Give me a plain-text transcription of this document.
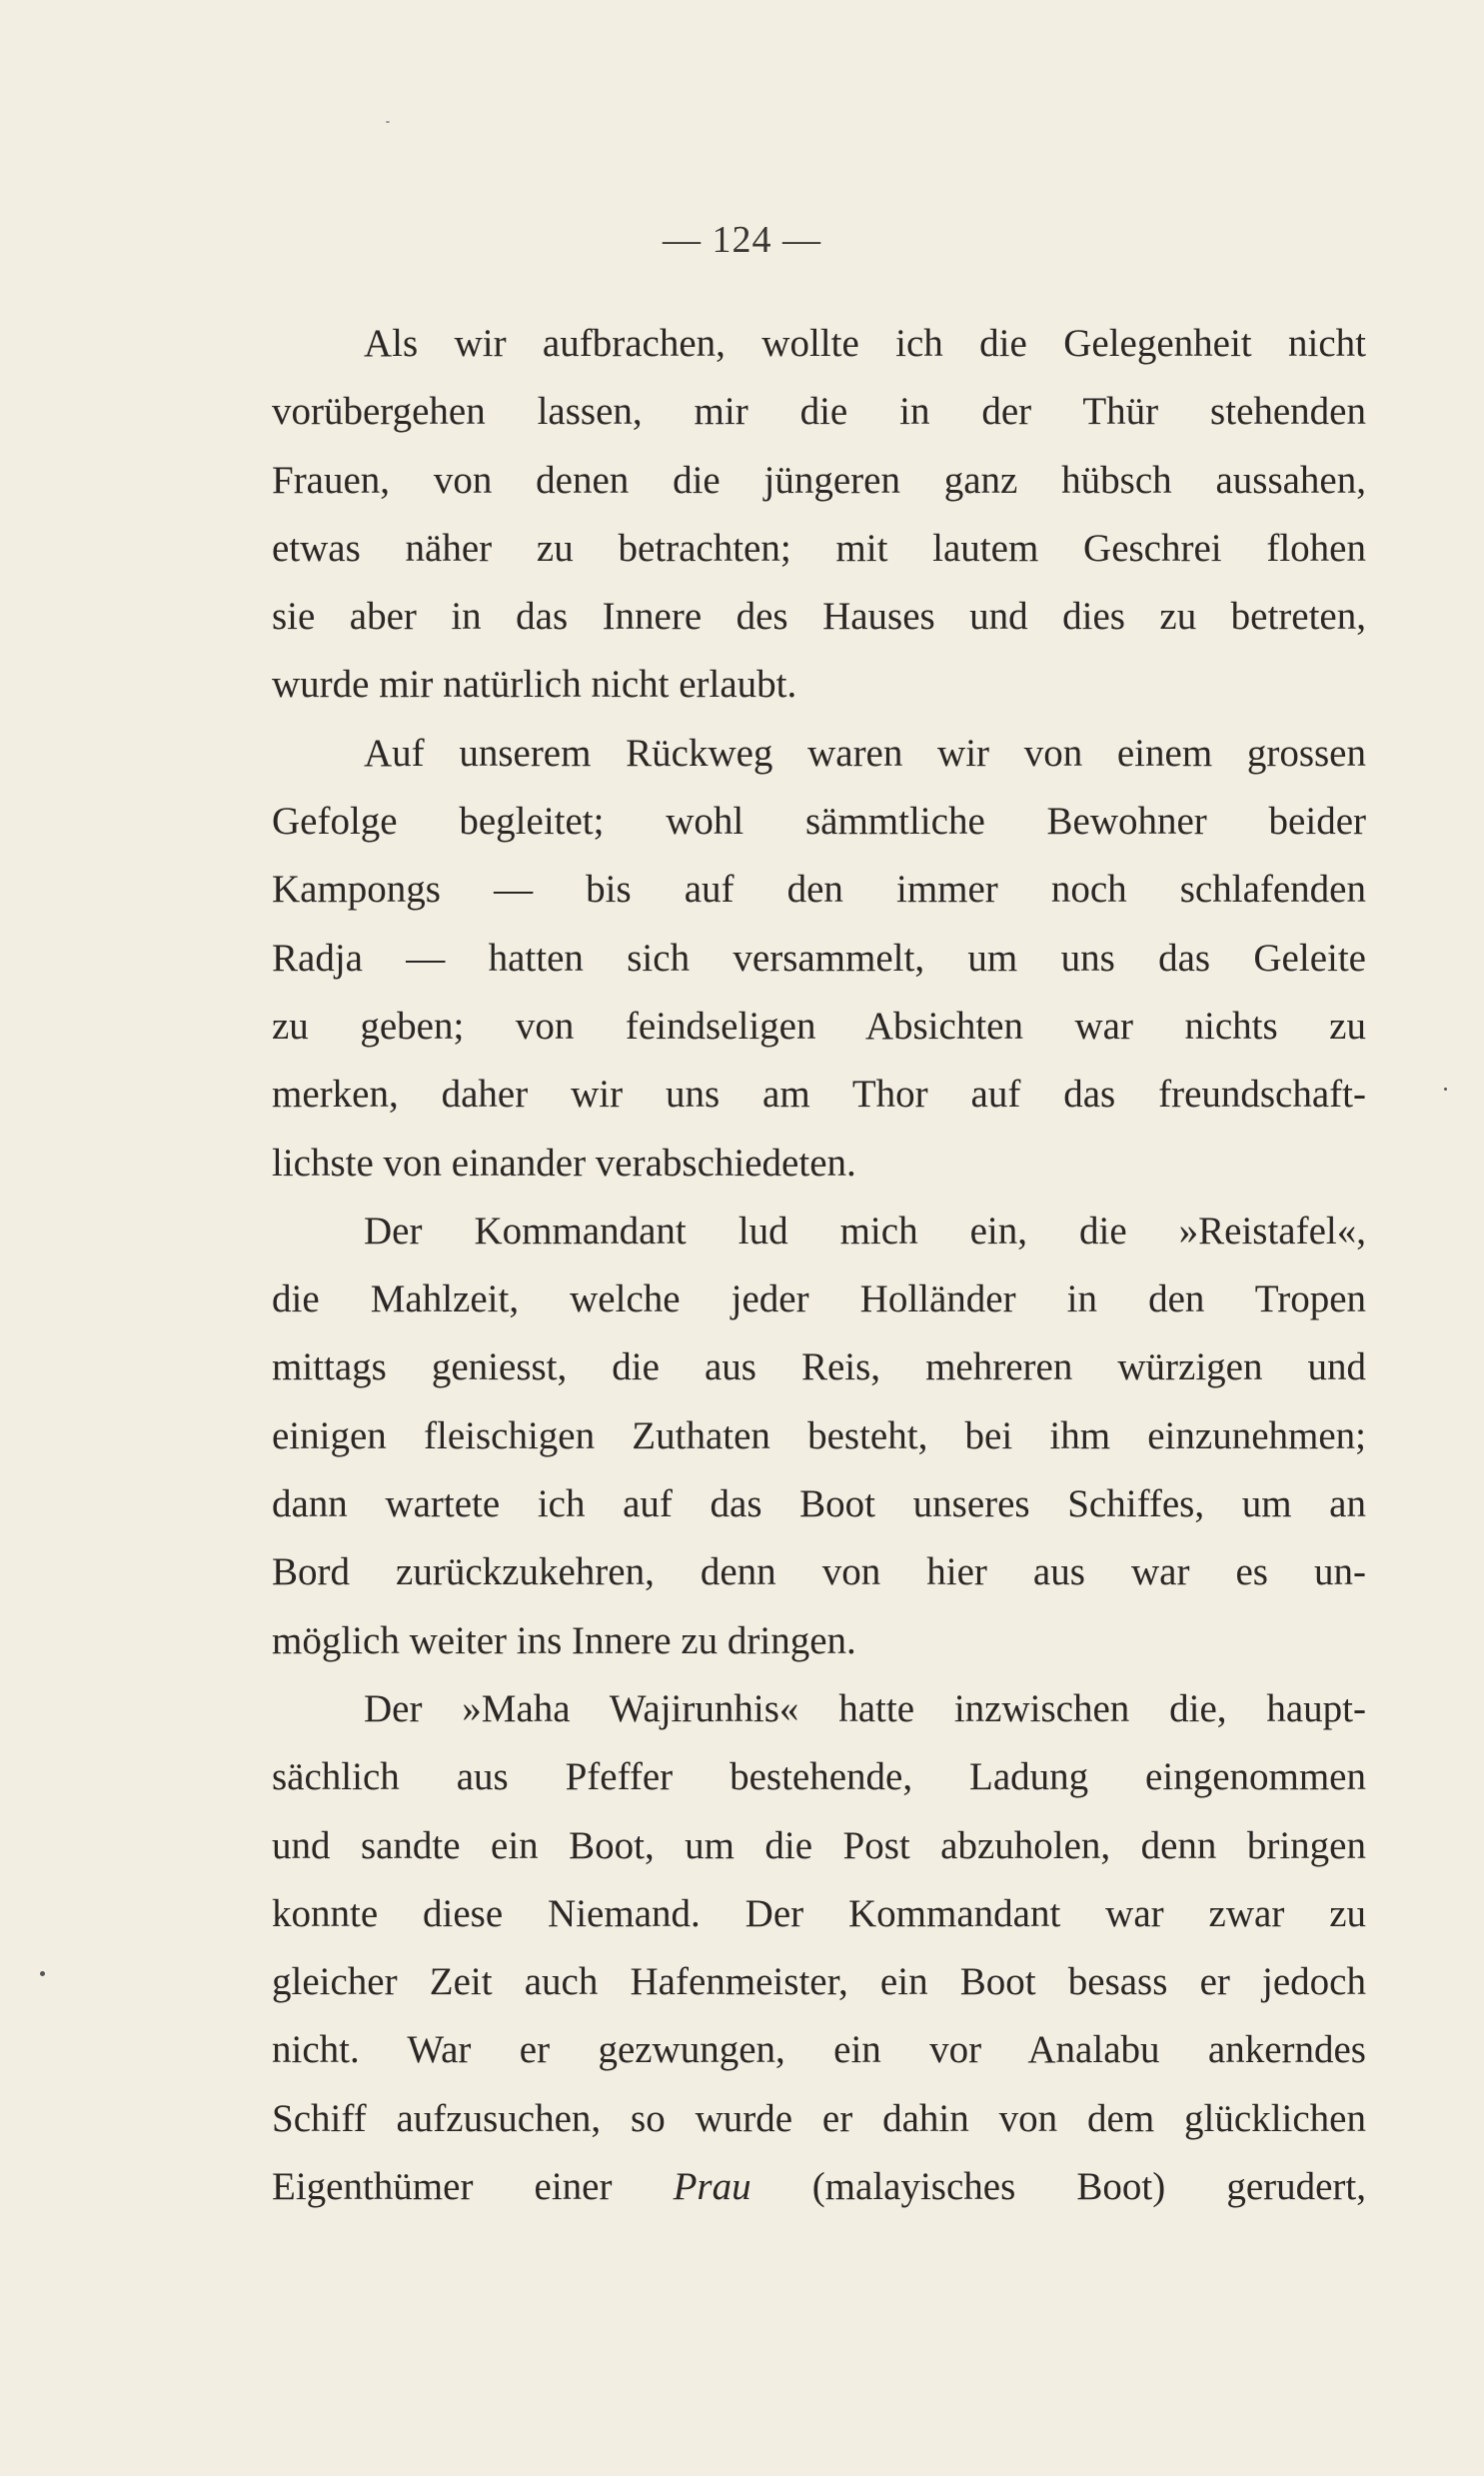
— 124 —
Als wir aufbrachen, wollte ich die Gelegenheit nicht
vorübergehen lassen, mir die in der Thür stehenden
Frauen, von denen die jüngeren ganz hübsch aussahen,
etwas näher zu betrachten; mit lautem Geschrei flohen
sie aber in das Innere des Hauses und dies zu betreten,
wurde mir natürlich nicht erlaubt.
Auf unserem Rückweg waren wir von einem grossen
Gefolge begleitet; wohl sämmtliche Bewohner beider
Kampongs — bis auf den immer noch schlafenden
Radja — hatten sich versammelt, um uns das Geleite
zu geben; von feindseligen Absichten war nichts zu
merken, daher wir uns am Thor auf das freundschaft-
lichste von einander verabschiedeten.
Der Kommandant lud mich ein, die »Reistafel«,
die Mahlzeit, welche jeder Holländer in den Tropen
mittags geniesst, die aus Reis, mehreren würzigen und
einigen fleischigen Zuthaten besteht, bei ihm einzunehmen;
dann wartete ich auf das Boot unseres Schiffes, um an
Bord zurückzukehren, denn von hier aus war es un-
möglich weiter ins Innere zu dringen.
Der »Maha Wajirunhis« hatte inzwischen die, haupt-
sächlich aus Pfeffer bestehende, Ladung eingenommen
und sandte ein Boot, um die Post abzuholen, denn bringen
konnte diese Niemand. Der Kommandant war zwar zu
gleicher Zeit auch Hafenmeister, ein Boot besass er jedoch
nicht. War er gezwungen, ein vor Analabu ankerndes
Schiff aufzusuchen, so wurde er dahin von dem glücklichen
Eigenthümer einer Prau (malayisches Boot) gerudert,
